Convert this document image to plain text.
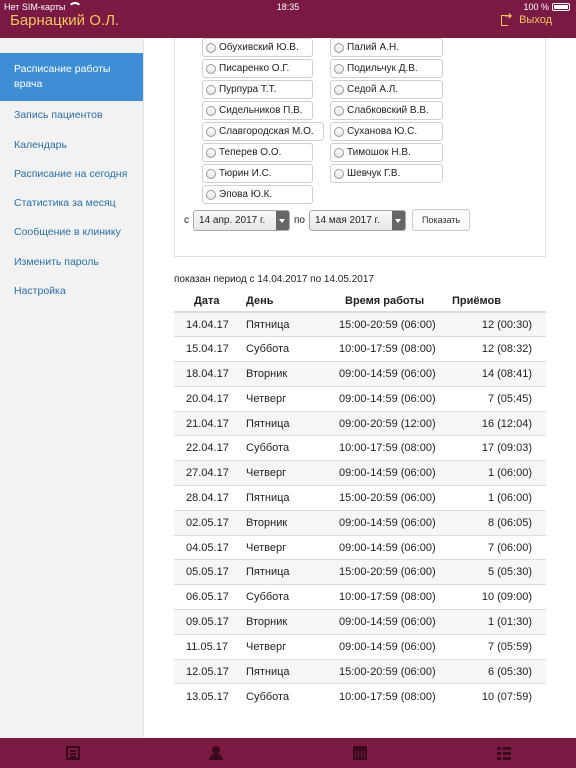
Нет SIM-карты	18:35	100 %
Барнацкий О.Л. ➜	Выход
Расписание работы врача
Запись пациентов
Календарь
Расписание на сегодня
Статистика за месяц
Сообщение в клинику
Изменить пароль
Настройка
Обухивский Ю.В.
Писаренко О.Г.
Пурпура Т.Т.
Сидельников П.В.
Славгородская М.О.
Теперев О.О.
Тюрин И.С.
Эпова Ю.К.
Палий А.Н.
Подильчук Д.В.
Седой А.Л.
Слабковский В.В.
Суханова Ю.С.
Тимошок Н.В.
Шевчук Г.В.
с 14 апр. 2017 г.	по 14 мая 2017 г.	Показать
показан период с 14.04.2017 по 14.05.2017
Дата	День	Время работы	Приёмов
14.04.17	Пятница	15:00-20:59 (06:00)	12 (00:30)
15.04.17	Суббота	10:00-17:59 (08:00)	12 (08:32)
18.04.17	Вторник	09:00-14:59 (06:00)	14 (08:41)
20.04.17	Четверг	09:00-14:59 (06:00)	7 (05:45)
21.04.17	Пятница	09:00-20:59 (12:00)	16 (12:04)
22.04.17	Суббота	10:00-17:59 (08:00)	17 (09:03)
27.04.17	Четверг	09:00-14:59 (06:00)	1 (06:00)
28.04.17	Пятница	15:00-20:59 (06:00)	1 (06:00)
02.05.17	Вторник	09:00-14:59 (06:00)	8 (06:05)
04.05.17	Четверг	09:00-14:59 (06:00)	7 (06:00)
05.05.17	Пятница	15:00-20:59 (06:00)	5 (05:30)
06.05.17	Суббота	10:00-17:59 (08:00)	10 (09:00)
09.05.17	Вторник	09:00-14:59 (06:00)	1 (01:30)
11.05.17	Четверг	09:00-14:59 (06:00)	7 (05:59)
12.05.17	Пятница	15:00-20:59 (06:00)	6 (05:30)
13.05.17	Суббота	10:00-17:59 (08:00)	10 (07:59)
